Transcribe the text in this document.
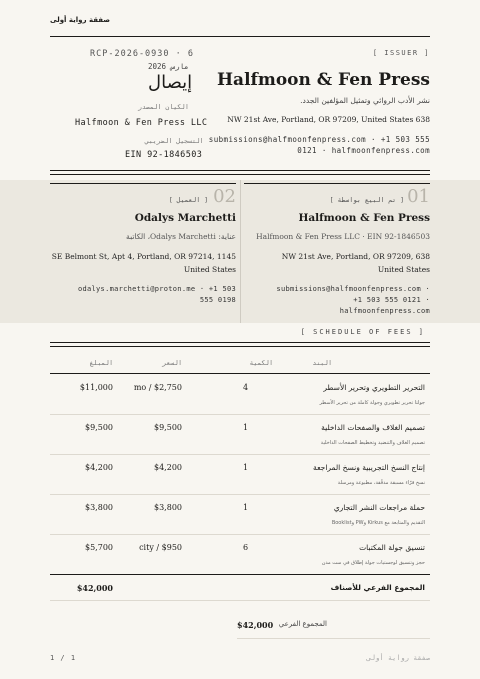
صفقة رواية أولى
[ ISSUER ]
Halfmoon & Fen Press
نشر الأدب الروائي وتمثيل المؤلفين الجدد.
NW 21st Ave, Portland, OR 97209, United States 638
submissions@halfmoonfenpress.com · +1 503 555 0121 · halfmoonfenpress.com
RCP-2026-0930 · 6
مارس 2026
إيصال
الكيان المصدر
Halfmoon & Fen Press LLC
التسجيل الضريبي
EIN 92-1846503
[ تم البيع بواسطة ] 01
Halfmoon & Fen Press
Halfmoon & Fen Press LLC · EIN 92-1846503
NW 21st Ave, Portland, OR 97209, 638
United States
submissions@halfmoonfenpress.com ·
+1 503 555 0121 ·
halfmoonfenpress.com
[ العميل ] 02
Odalys Marchetti
عناية: Odalys Marchetti، الكاتبة
SE Belmont St, Apt 4, Portland, OR 97214, 1145
United States
odalys.marchetti@proton.me · +1 503
555 0198
[ SCHEDULE OF FEES ]
البند
الكمية
السعر
المبلغ
التحرير التطويري وتحرير الأسطر
جولتا تحرير تطويري وجولة كاملة من تحرير الأسطر
4
mo / $2,750
$11,000
تصميم الغلاف والصفحات الداخلية
تصميم الغلاف والتنضيد وتخطيط الصفحات الداخلية
1
$9,500
$9,500
إنتاج النسخ التجريبية ونسخ المراجعة
نسخ قرّاء مسبقة مدقّقة، مطبوعة ومرسلة
1
$4,200
$4,200
حملة مراجعات النشر التجاري
التقديم والمتابعة مع Kirkus وPW وBooklist
1
$3,800
$3,800
تنسيق جولة المكتبات
حجز وتنسيق لوجستيات جولة إطلاق في ست مدن
6
city / $950
$5,700
المجموع الفرعي للأصناف
$42,000
المجموع الفرعي
$42,000
1 / 1	صفقة رواية أولى
